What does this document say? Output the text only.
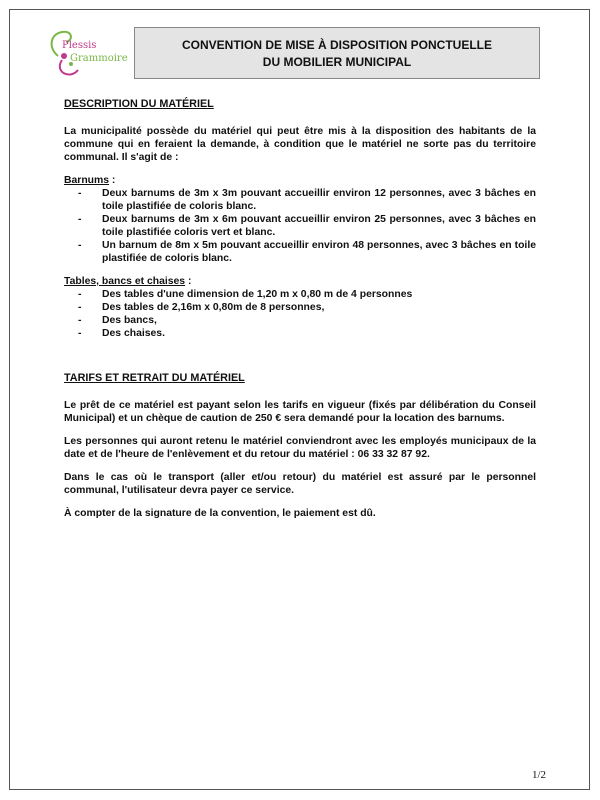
Plessis
Grammoire
CONVENTION DE MISE À DISPOSITION PONCTUELLE
DU MOBILIER MUNICIPAL
DESCRIPTION DU MATÉRIEL

La municipalité possède du matériel qui peut être mis à la disposition des habitants de la commune qui en feraient la demande, à condition que le matériel ne sorte pas du territoire communal. Il s'agit de :

Barnums :
- Deux barnums de 3m x 3m pouvant accueillir environ 12 personnes, avec 3 bâches en toile plastifiée de coloris blanc.
- Deux barnums de 3m x 6m pouvant accueillir environ 25 personnes, avec 3 bâches en toile plastifiée coloris vert et blanc.
- Un barnum de 8m x 5m pouvant accueillir environ 48 personnes, avec 3 bâches en toile plastifiée de coloris blanc.
Tables, bancs et chaises :
- Des tables d'une dimension de 1,20 m x 0,80 m de 4 personnes
- Des tables de 2,16m x 0,80m de 8 personnes,
- Des bancs,
- Des chaises.
TARIFS ET RETRAIT DU MATÉRIEL

Le prêt de ce matériel est payant selon les tarifs en vigueur (fixés par délibération du Conseil Municipal) et un chèque de caution de 250 € sera demandé pour la location des barnums.

Les personnes qui auront retenu le matériel conviendront avec les employés municipaux de la date et de l'heure de l'enlèvement et du retour du matériel : 06 33 32 87 92.

Dans le cas où le transport (aller et/ou retour) du matériel est assuré par le personnel communal, l'utilisateur devra payer ce service.

À compter de la signature de la convention, le paiement est dû.

1/2
